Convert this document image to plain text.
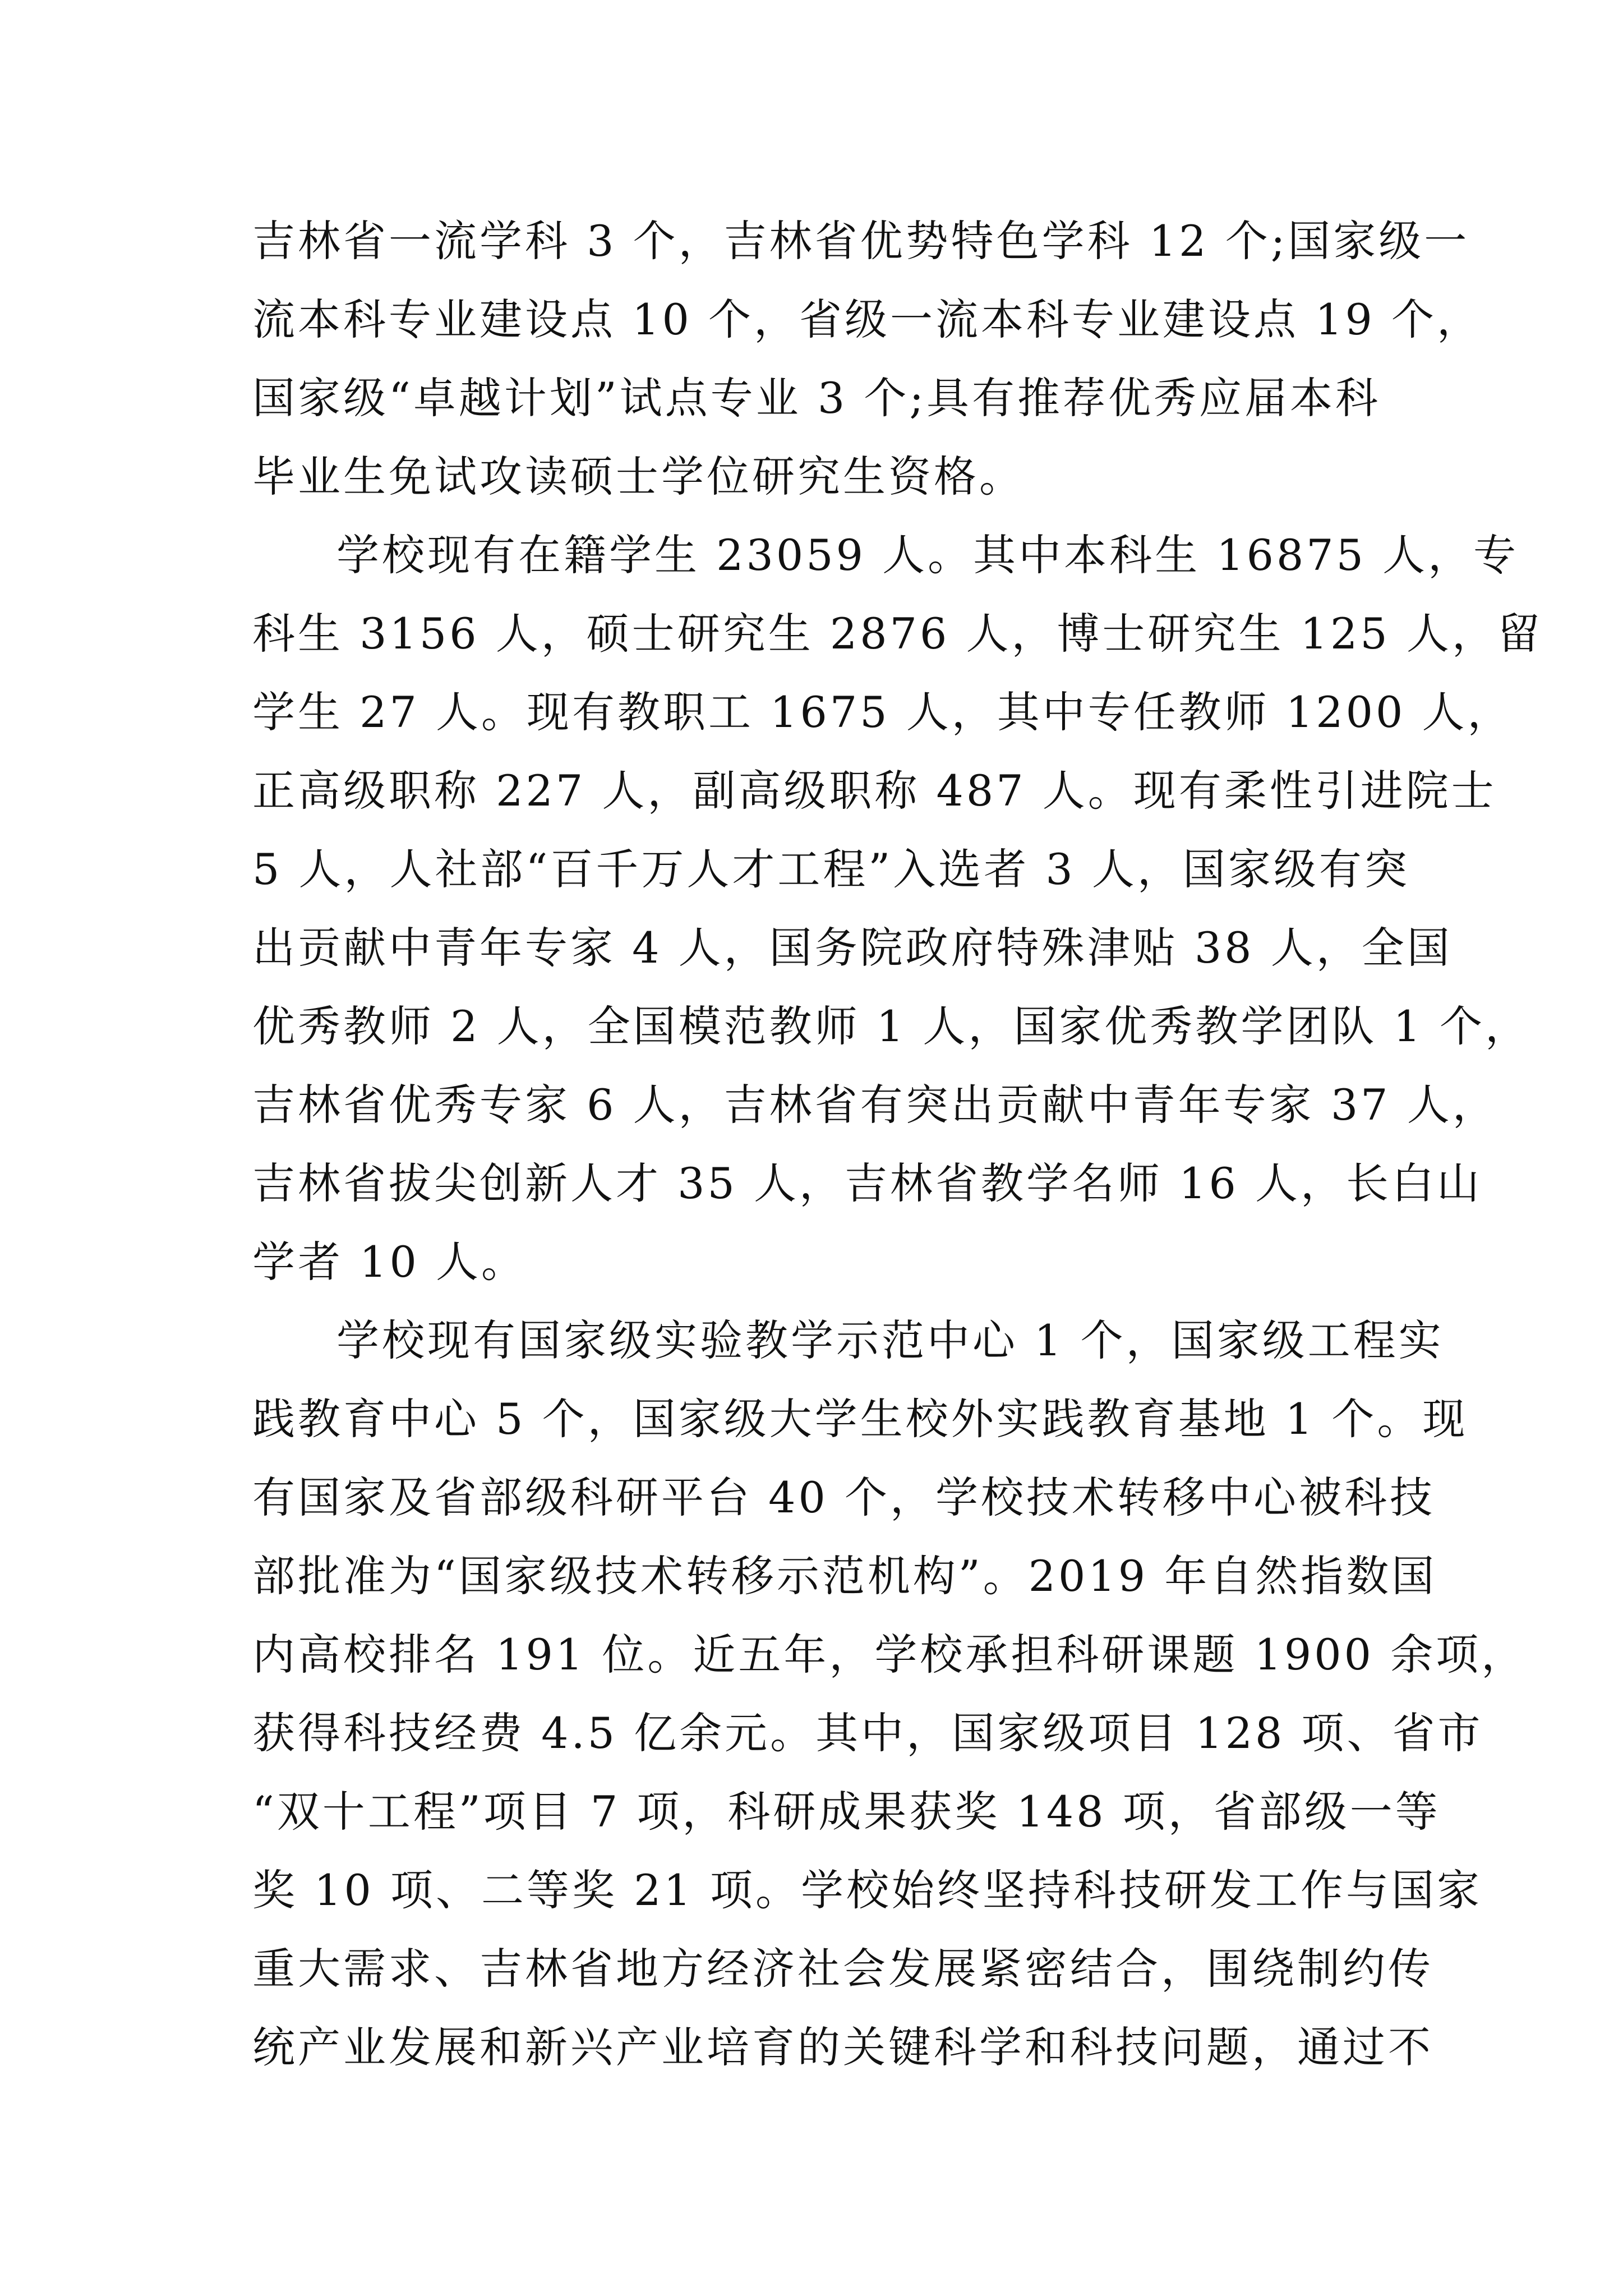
吉林省一流学科 3 个，吉林省优势特色学科 12 个;国家级一
流本科专业建设点 10 个，省级一流本科专业建设点 19 个，
国家级“卓越计划”试点专业 3 个;具有推荐优秀应届本科
毕业生免试攻读硕士学位研究生资格。
学校现有在籍学生 23059 人。其中本科生 16875 人，专
科生 3156 人，硕士研究生 2876 人，博士研究生 125 人，留
学生 27 人。现有教职工 1675 人，其中专任教师 1200 人，
正高级职称 227 人，副高级职称 487 人。现有柔性引进院士
5 人，人社部“百千万人才工程”入选者 3 人，国家级有突
出贡献中青年专家 4 人，国务院政府特殊津贴 38 人，全国
优秀教师 2 人，全国模范教师 1 人，国家优秀教学团队 1 个，
吉林省优秀专家 6 人，吉林省有突出贡献中青年专家 37 人，
吉林省拔尖创新人才 35 人，吉林省教学名师 16 人，长白山
学者 10 人。
学校现有国家级实验教学示范中心 1 个，国家级工程实
践教育中心 5 个，国家级大学生校外实践教育基地 1 个。现
有国家及省部级科研平台 40 个，学校技术转移中心被科技
部批准为“国家级技术转移示范机构”。2019 年自然指数国
内高校排名 191 位。近五年，学校承担科研课题 1900 余项，
获得科技经费 4.5 亿余元。其中，国家级项目 128 项、省市
“双十工程”项目 7 项，科研成果获奖 148 项，省部级一等
奖 10 项、二等奖 21 项。学校始终坚持科技研发工作与国家
重大需求、吉林省地方经济社会发展紧密结合，围绕制约传
统产业发展和新兴产业培育的关键科学和科技问题，通过不
